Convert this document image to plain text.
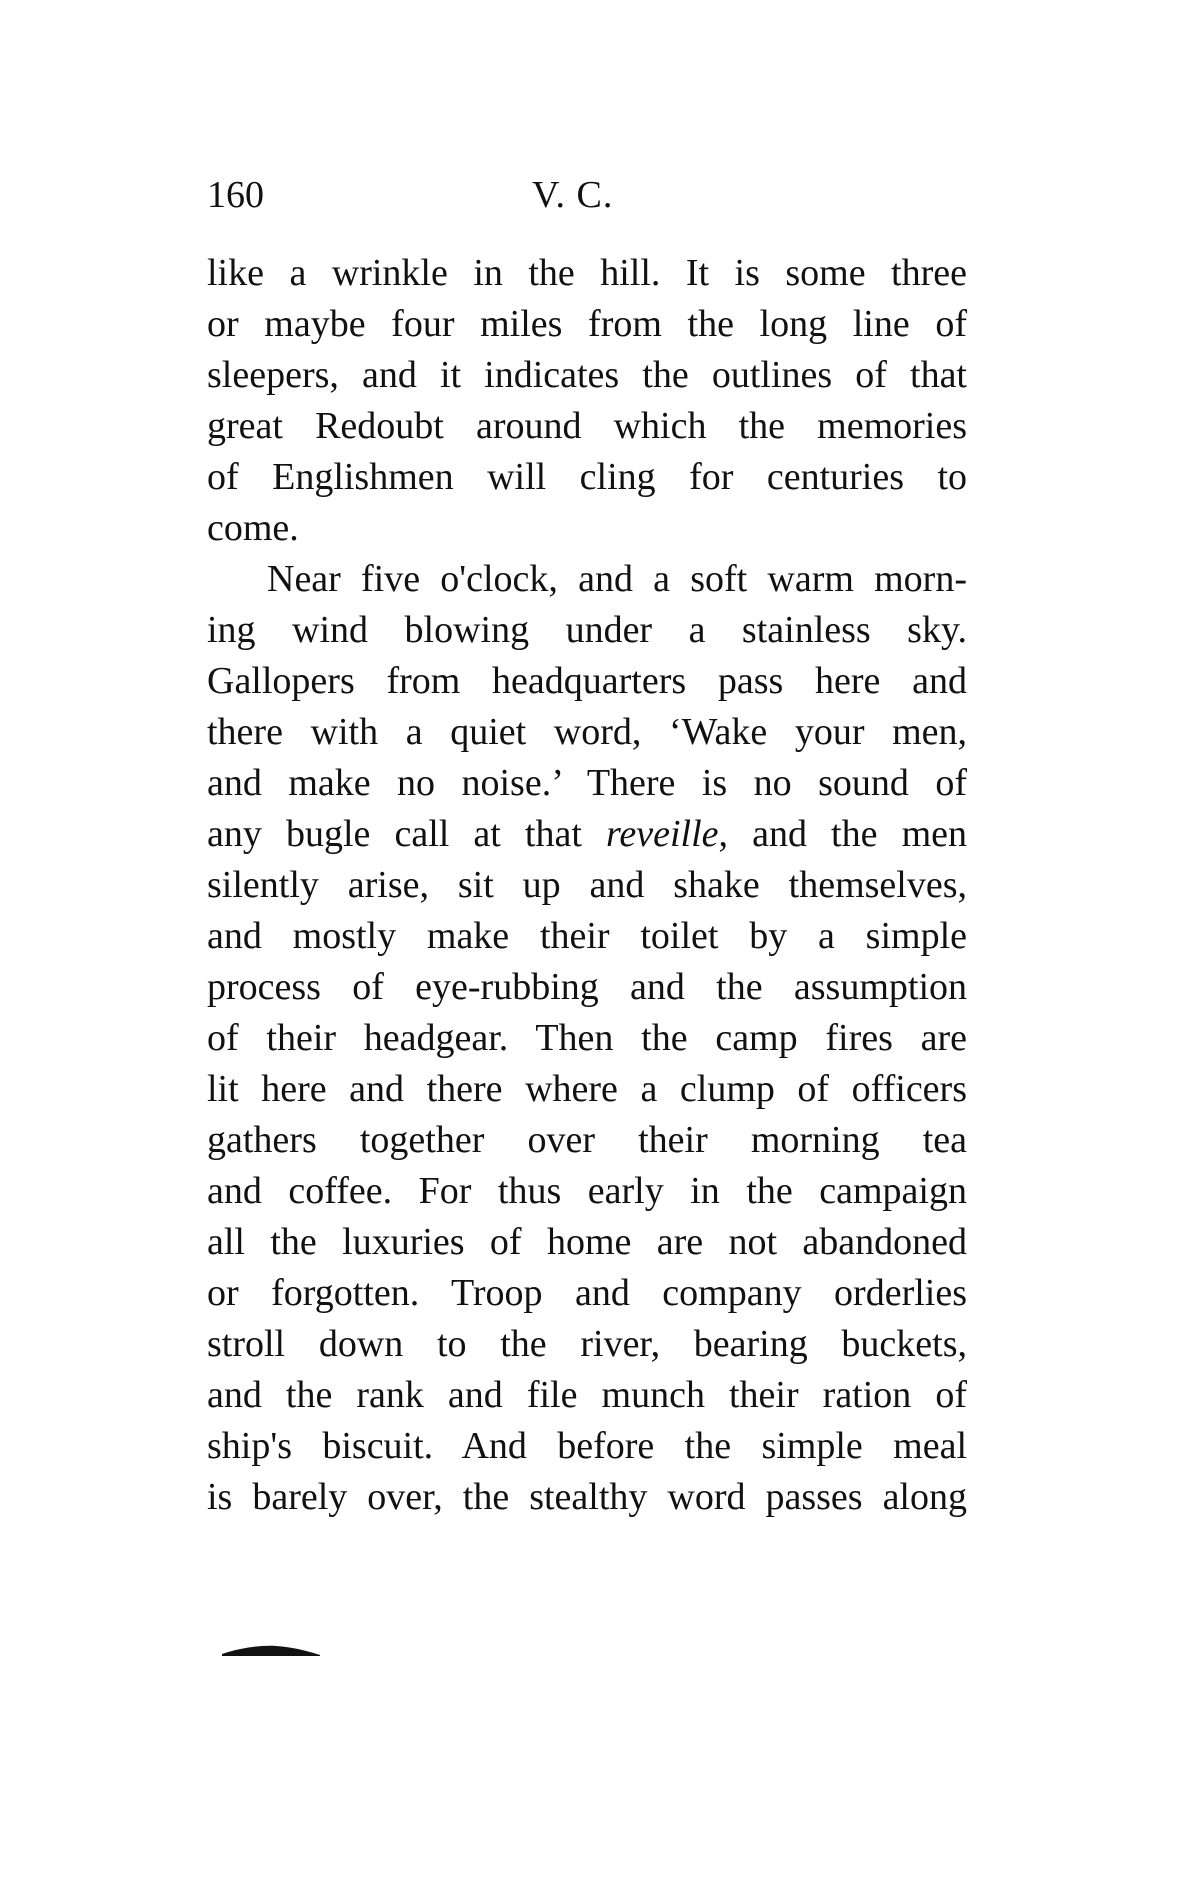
160	V. C.
like a wrinkle in the hill. It is some three
or maybe four miles from the long line of
sleepers, and it indicates the outlines of that
great Redoubt around which the memories
of Englishmen will cling for centuries to
come.
Near five o'clock, and a soft warm morn-
ing wind blowing under a stainless sky.
Gallopers from headquarters pass here and
there with a quiet word, ‘Wake your men,
and make no noise.’ There is no sound of
any bugle call at that reveille, and the men
silently arise, sit up and shake themselves,
and mostly make their toilet by a simple
process of eye-rubbing and the assumption
of their headgear. Then the camp fires are
lit here and there where a clump of officers
gathers together over their morning tea
and coffee. For thus early in the campaign
all the luxuries of home are not abandoned
or forgotten. Troop and company orderlies
stroll down to the river, bearing buckets,
and the rank and file munch their ration of
ship's biscuit. And before the simple meal
is barely over, the stealthy word passes along
